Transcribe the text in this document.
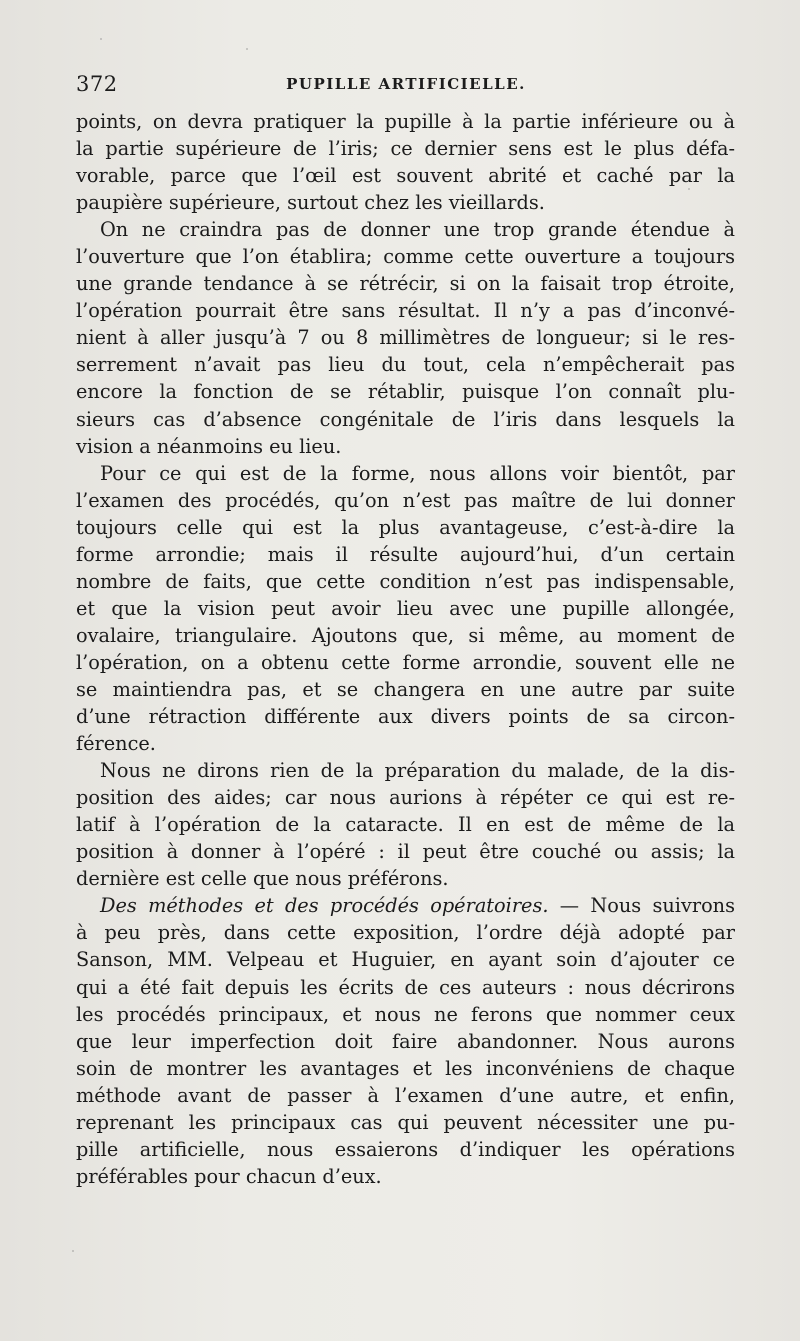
372	PUPILLE ARTIFICIELLE.

points, on devra pratiquer la pupille à la partie inférieure ou à
la partie supérieure de l’iris; ce dernier sens est le plus défa-
vorable, parce que l’œil est souvent abrité et caché par la
paupière supérieure, surtout chez les vieillards.

On ne craindra pas de donner une trop grande étendue à
l’ouverture que l’on établira; comme cette ouverture a toujours
une grande tendance à se rétrécir, si on la faisait trop étroite,
l’opération pourrait être sans résultat. Il n’y a pas d’inconvé-
nient à aller jusqu’à 7 ou 8 millimètres de longueur; si le res-
serrement n’avait pas lieu du tout, cela n’empêcherait pas
encore la fonction de se rétablir, puisque l’on connaît plu-
sieurs cas d’absence congénitale de l’iris dans lesquels la
vision a néanmoins eu lieu.

Pour ce qui est de la forme, nous allons voir bientôt, par
l’examen des procédés, qu’on n’est pas maître de lui donner
toujours celle qui est la plus avantageuse, c’est-à-dire la
forme arrondie; mais il résulte aujourd’hui, d’un certain
nombre de faits, que cette condition n’est pas indispensable,
et que la vision peut avoir lieu avec une pupille allongée,
ovalaire, triangulaire. Ajoutons que, si même, au moment de
l’opération, on a obtenu cette forme arrondie, souvent elle ne
se maintiendra pas, et se changera en une autre par suite
d’une rétraction différente aux divers points de sa circon-
férence.

Nous ne dirons rien de la préparation du malade, de la dis-
position des aides; car nous aurions à répéter ce qui est re-
latif à l’opération de la cataracte. Il en est de même de la
position à donner à l’opéré : il peut être couché ou assis; la
dernière est celle que nous préférons.

Des méthodes et des procédés opératoires. — Nous suivrons
à peu près, dans cette exposition, l’ordre déjà adopté par
Sanson, MM. Velpeau et Huguier, en ayant soin d’ajouter ce
qui a été fait depuis les écrits de ces auteurs : nous décrirons
les procédés principaux, et nous ne ferons que nommer ceux
que leur imperfection doit faire abandonner. Nous aurons
soin de montrer les avantages et les inconvéniens de chaque
méthode avant de passer à l’examen d’une autre, et enfin,
reprenant les principaux cas qui peuvent nécessiter une pu-
pille artificielle, nous essaierons d’indiquer les opérations
préférables pour chacun d’eux.
